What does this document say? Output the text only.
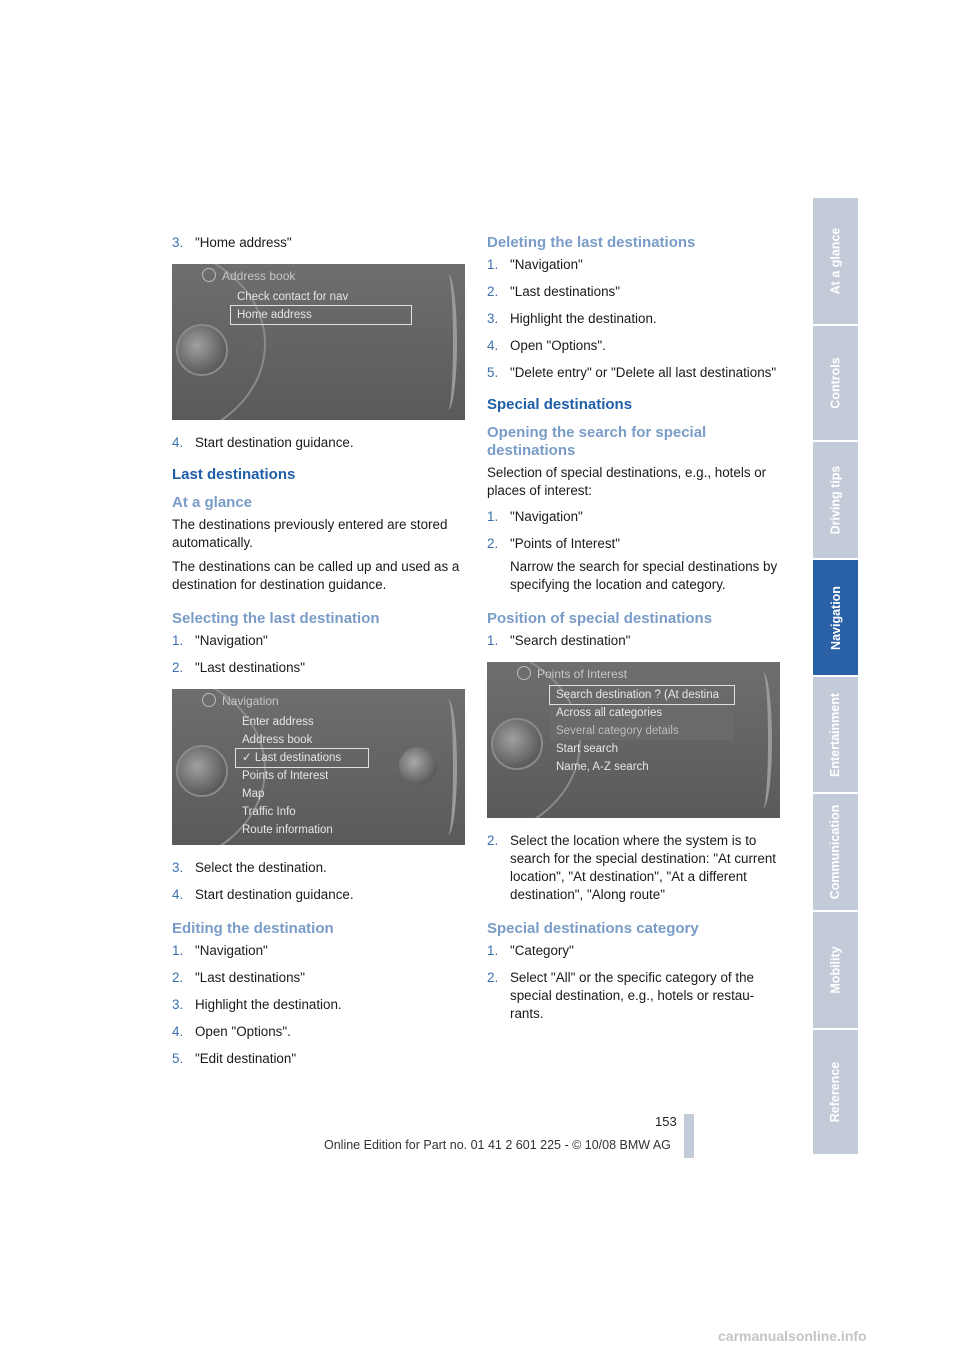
3. "Home address"
Address book
Check contact for nav
Home address
4. Start destination guidance.
Last destinations
At a glance

The destinations previously entered are stored automatically.

The destinations can be called up and used as a destination for destination guidance.

Selecting the last destination
1. "Navigation"
2. "Last destinations"
Navigation
Enter address
Address book
✓ Last destinations
Points of Interest
Map
Traffic Info
Route information
3. Select the destination.
4. Start destination guidance.
Editing the destination
1. "Navigation"
2. "Last destinations"
3. Highlight the destination.
4. Open "Options".
5. "Edit destination"
Deleting the last destinations
1. "Navigation"
2. "Last destinations"
3. Highlight the destination.
4. Open "Options".
5. "Delete entry" or "Delete all last destinations"
Special destinations
Opening the search for special destinations

Selection of special destinations, e.g., hotels or places of interest:

1. "Navigation"
2. "Points of Interest"
Narrow the search for special destinations by specifying the location and category.
Position of special destinations
1. "Search destination"
Points of Interest
Search destination ? (At destina
Across all categories
Several category details
Start search
Name, A-Z search
2. Select the location where the system is to search for the special destination: "At current location", "At destination", "At a different destination", "Along route"
Special destinations category
1. "Category"
2. Select "All" or the specific category of the special destination, e.g., hotels or restau-rants.
At a glance
Controls
Driving tips
Navigation
Entertainment
Communication
Mobility
Reference
153
Online Edition for Part no. 01 41 2 601 225 - © 10/08 BMW AG
carmanualsonline.info
